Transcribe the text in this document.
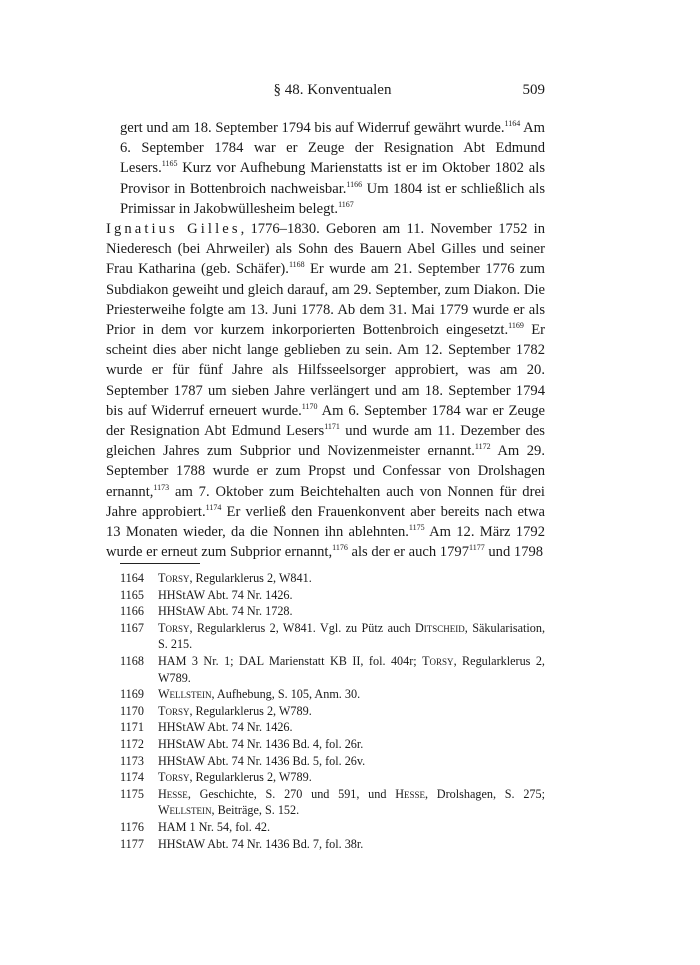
§ 48. Konventualen	509

gert und am 18. September 1794 bis auf Widerruf gewährt wurde.$^{1164}$ Am 6. September 1784 war er Zeuge der Resignation Abt Edmund Lesers.$^{1165}$ Kurz vor Aufhebung Marienstatts ist er im Oktober 1802 als Provisor in Bottenbroich nachweisbar.$^{1166}$ Um 1804 ist er schließlich als Primissar in Jakobwüllesheim belegt.$^{1167}$

Ignatius Gilles, 1776–1830. Geboren am 11. November 1752 in Niederesch (bei Ahrweiler) als Sohn des Bauern Abel Gilles und seiner Frau Katharina (geb. Schäfer).$^{1168}$ Er wurde am 21. September 1776 zum Subdiakon geweiht und gleich darauf, am 29. September, zum Diakon. Die Priesterweihe folgte am 13. Juni 1778. Ab dem 31. Mai 1779 wurde er als Prior in dem vor kurzem inkorporierten Bottenbroich eingesetzt.$^{1169}$ Er scheint dies aber nicht lange geblieben zu sein. Am 12. September 1782 wurde er für fünf Jahre als Hilfsseelsorger approbiert, was am 20. September 1787 um sieben Jahre verlängert und am 18. September 1794 bis auf Widerruf erneuert wurde.$^{1170}$ Am 6. September 1784 war er Zeuge der Resignation Abt Edmund Lesers$^{1171}$ und wurde am 11. Dezember des gleichen Jahres zum Subprior und Novizenmeister ernannt.$^{1172}$ Am 29. September 1788 wurde er zum Propst und Confessar von Drolshagen ernannt,$^{1173}$ am 7. Oktober zum Beichtehalten auch von Nonnen für drei Jahre approbiert.$^{1174}$ Er verließ den Frauenkonvent aber bereits nach etwa 13 Monaten wieder, da die Nonnen ihn ablehnten.$^{1175}$ Am 12. März 1792 wurde er erneut zum Subprior ernannt,$^{1176}$ als der er auch $1797^{1177}$ und 1798

1164 Torsy, Regularklerus 2, W841.
1165 HHStAW Abt. 74 Nr. 1426.
1166 HHStAW Abt. 74 Nr. 1728.
1167 Torsy, Regularklerus 2, W841. Vgl. zu Pütz auch Ditscheid, Säkularisation, S. 215.
1168 HAM 3 Nr. 1; DAL Marienstatt KB II, fol. 404r; Torsy, Regularklerus 2, W789.
1169 Wellstein, Aufhebung, S. 105, Anm. 30.
1170 Torsy, Regularklerus 2, W789.
1171 HHStAW Abt. 74 Nr. 1426.
1172 HHStAW Abt. 74 Nr. 1436 Bd. 4, fol. 26r.
1173 HHStAW Abt. 74 Nr. 1436 Bd. 5, fol. 26v.
1174 Torsy, Regularklerus 2, W789.
1175 Hesse, Geschichte, S. 270 und 591, und Hesse, Drolshagen, S. 275; Wellstein, Beiträge, S. 152.
1176 HAM 1 Nr. 54, fol. 42.
1177 HHStAW Abt. 74 Nr. 1436 Bd. 7, fol. 38r.
